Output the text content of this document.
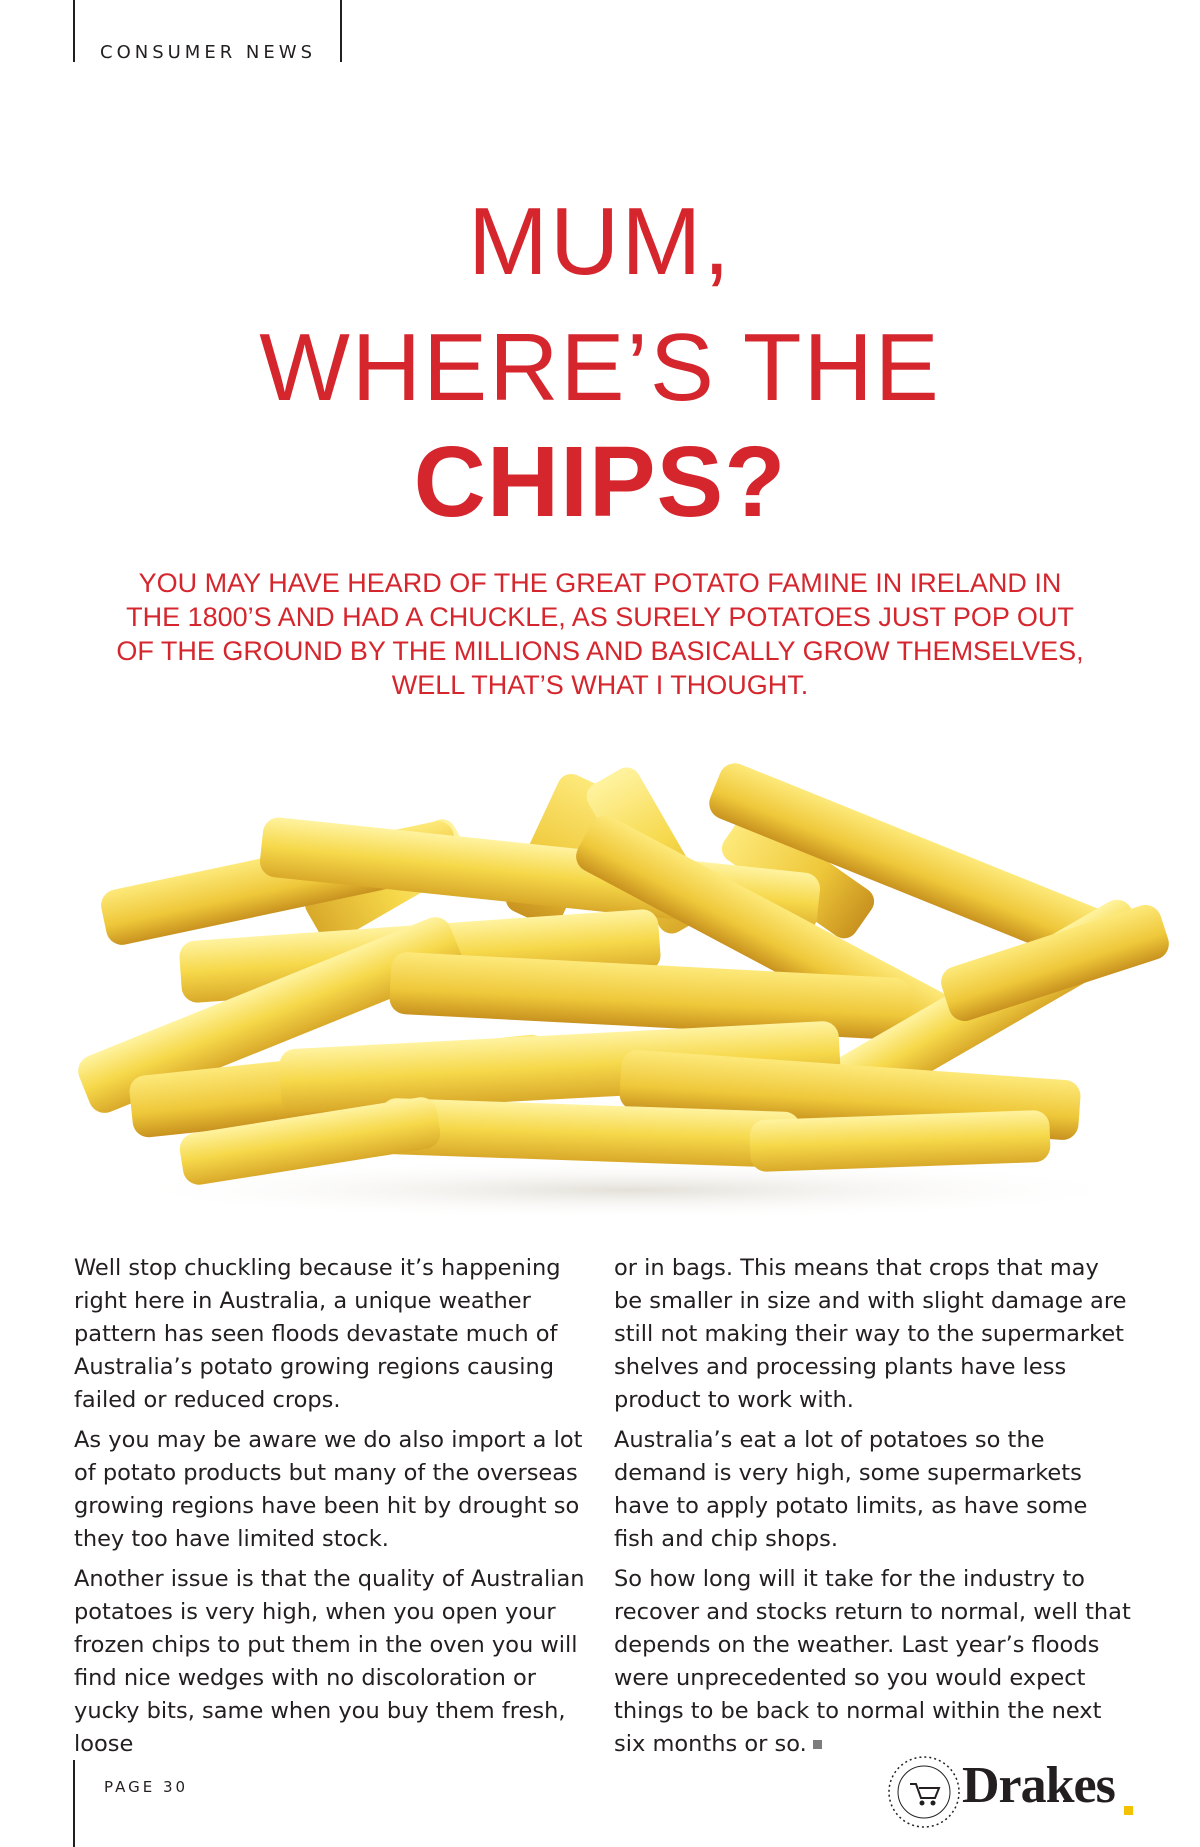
CONSUMER NEWS
MUM,
WHERE’S THE
CHIPS?
YOU MAY HAVE HEARD OF THE GREAT POTATO FAMINE IN IRELAND IN THE 1800’S AND HAD A CHUCKLE, AS SURELY POTATOES JUST POP OUT OF THE GROUND BY THE MILLIONS AND BASICALLY GROW THEMSELVES, WELL THAT’S WHAT I THOUGHT.

Well stop chuckling because it’s happening right here in Australia, a unique weather pattern has seen floods devastate much of Australia’s potato growing regions causing failed or reduced crops.

As you may be aware we do also import a lot of potato products but many of the overseas growing regions have been hit by drought so they too have limited stock.

Another issue is that the quality of Australian potatoes is very high, when you open your frozen chips to put them in the oven you will find nice wedges with no discoloration or yucky bits, same when you buy them fresh, loose

or in bags. This means that crops that may be smaller in size and with slight damage are still not making their way to the supermarket shelves and processing plants have less product to work with.

Australia’s eat a lot of potatoes so the demand is very high, some supermarkets have to apply potato limits, as have some fish and chip shops.

So how long will it take for the industry to recover and stocks return to normal, well that depends on the weather. Last year’s floods were unprecedented so you would expect things to be back to normal within the next six months or so.

PAGE 30	Drakes
